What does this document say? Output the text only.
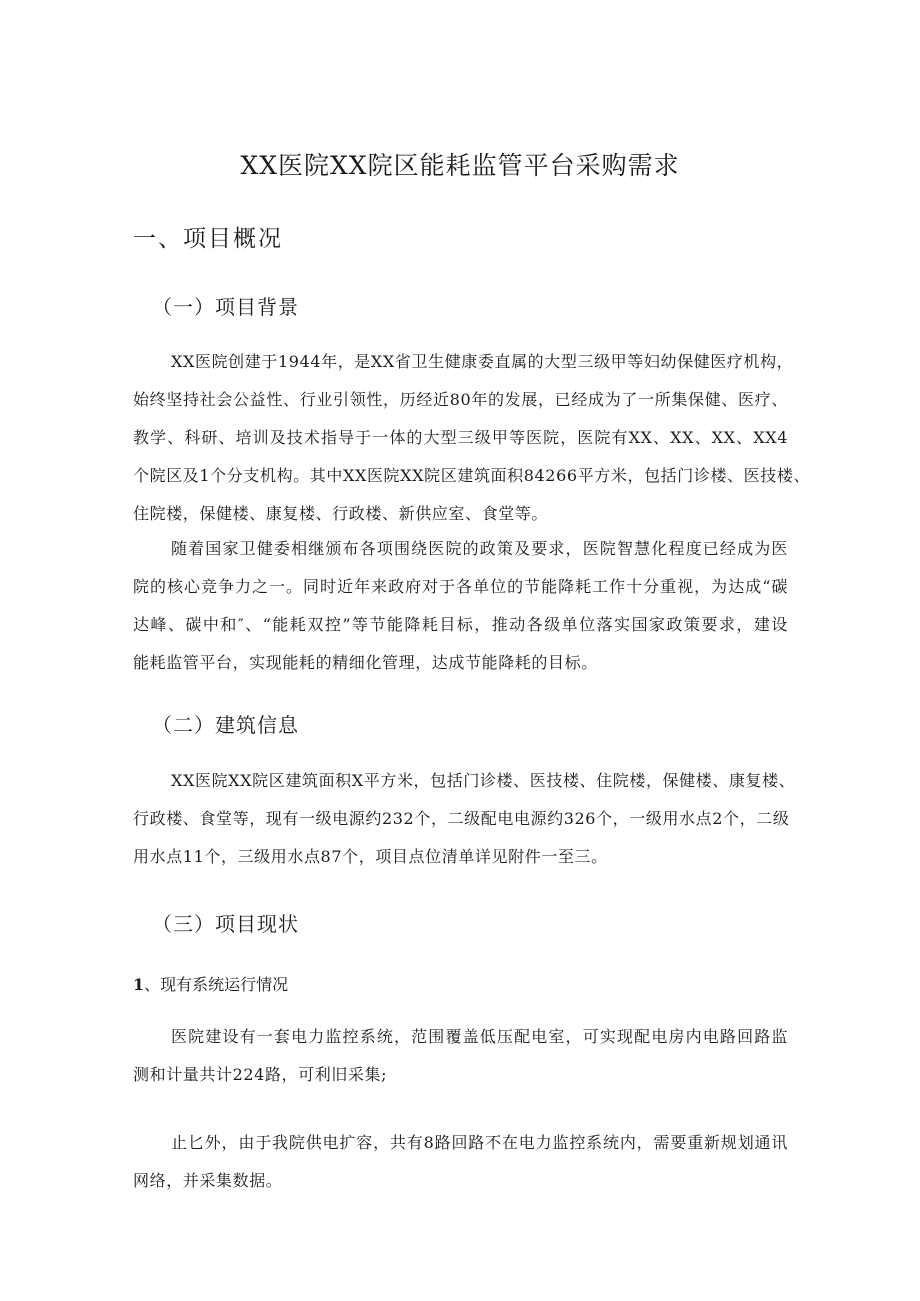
XX医院XX院区能耗监管平台采购需求
一、项目概况
（一）项目背景
XX医院创建于1944年，是XX省卫生健康委直属的大型三级甲等妇幼保健医疗机构，
始终坚持社会公益性、行业引领性，历经近80年的发展，已经成为了一所集保健、医疗、
教学、科研、培训及技术指导于一体的大型三级甲等医院，医院有XX、XX、XX、XX4
个院区及1个分支机构。其中XX医院XX院区建筑面积84266平方米，包括门诊楼、医技楼、
住院楼，保健楼、康复楼、行政楼、新供应室、食堂等。
随着国家卫健委相继颁布各项围绕医院的政策及要求，医院智慧化程度已经成为医
院的核心竞争力之一。同时近年来政府对于各单位的节能降耗工作十分重视，为达成“碳
达峰、碳中和″、“能耗双控”等节能降耗目标，推动各级单位落实国家政策要求，建设
能耗监管平台，实现能耗的精细化管理，达成节能降耗的目标。
（二）建筑信息
XX医院XX院区建筑面积X平方米，包括门诊楼、医技楼、住院楼，保健楼、康复楼、
行政楼、食堂等，现有一级电源约232个，二级配电电源约326个，一级用水点2个，二级
用水点11个，三级用水点87个，项目点位清单详见附件一至三。
（三）项目现状
1、现有系统运行情况
医院建设有一套电力监控系统，范围覆盖低压配电室，可实现配电房内电路回路监
测和计量共计224路，可利旧采集;
止匕外，由于我院供电扩容，共有8路回路不在电力监控系统内，需要重新规划通讯
网络，并采集数据。
